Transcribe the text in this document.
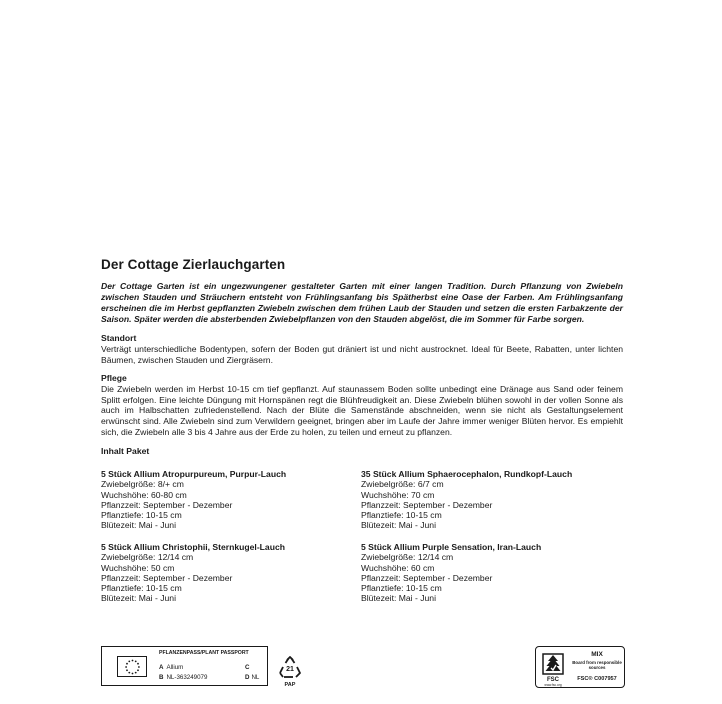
Der Cottage Zierlauchgarten

Der Cottage Garten ist ein ungezwungener gestalteter Garten mit einer langen Tradition. Durch Pflanzung von Zwiebeln zwischen Stauden und Sträuchern entsteht von Frühlingsanfang bis Spätherbst eine Oase der Farben. Am Frühlingsanfang erscheinen die im Herbst gepflanzten Zwiebeln zwischen dem frühen Laub der Stauden und setzen die ersten Farbakzente der Saison. Später werden die absterbenden Zwiebelpflanzen von den Stauden abgelöst, die im Sommer für Farbe sorgen.

Standort

Verträgt unterschiedliche Bodentypen, sofern der Boden gut dräniert ist und nicht austrocknet. Ideal für Beete, Rabatten, unter lichten Bäumen, zwischen Stauden und Ziergräsern.

Pflege

Die Zwiebeln werden im Herbst 10-15 cm tief gepflanzt. Auf staunassem Boden sollte unbedingt eine Dränage aus Sand oder feinem Splitt erfolgen. Eine leichte Düngung mit Hornspänen regt die Blühfreudigkeit an. Diese Zwiebeln blühen sowohl in der vollen Sonne als auch im Halbschatten zufriedenstellend. Nach der Blüte die Samenstände abschneiden, wenn sie nicht als Gestaltungselement erwünscht sind. Alle Zwiebeln sind zum Verwildern geeignet, bringen aber im Laufe der Jahre immer weniger Blüten hervor. Es empiehlt sich, die Zwiebeln alle 3 bis 4 Jahre aus der Erde zu holen, zu teilen und erneut zu pflanzen.

Inhalt Paket
5 Stück Allium Atropurpureum, Purpur-Lauch
Zwiebelgröße: 8/+ cm
Wuchshöhe: 60-80 cm
Pflanzzeit: September - Dezember
Pflanztiefe: 10-15 cm
Blütezeit: Mai - Juni
35 Stück Allium Sphaerocephalon, Rundkopf-Lauch
Zwiebelgröße: 6/7 cm
Wuchshöhe: 70 cm
Pflanzzeit: September - Dezember
Pflanztiefe: 10-15 cm
Blütezeit: Mai - Juni
5 Stück Allium Christophii, Sternkugel-Lauch
Zwiebelgröße: 12/14 cm
Wuchshöhe: 50 cm
Pflanzzeit: September - Dezember
Pflanztiefe: 10-15 cm
Blütezeit: Mai - Juni
5 Stück Allium Purple Sensation, Iran-Lauch
Zwiebelgröße: 12/14 cm
Wuchshöhe: 60 cm
Pflanzzeit: September - Dezember
Pflanztiefe: 10-15 cm
Blütezeit: Mai - Juni
PFLANZENPASS/PLANT PASSPORT
A Allium
B NL-363249079
C
D NL
21
PAP
FSC
www.fsc.org
MIX
Board from responsible sources
FSC® C007957
